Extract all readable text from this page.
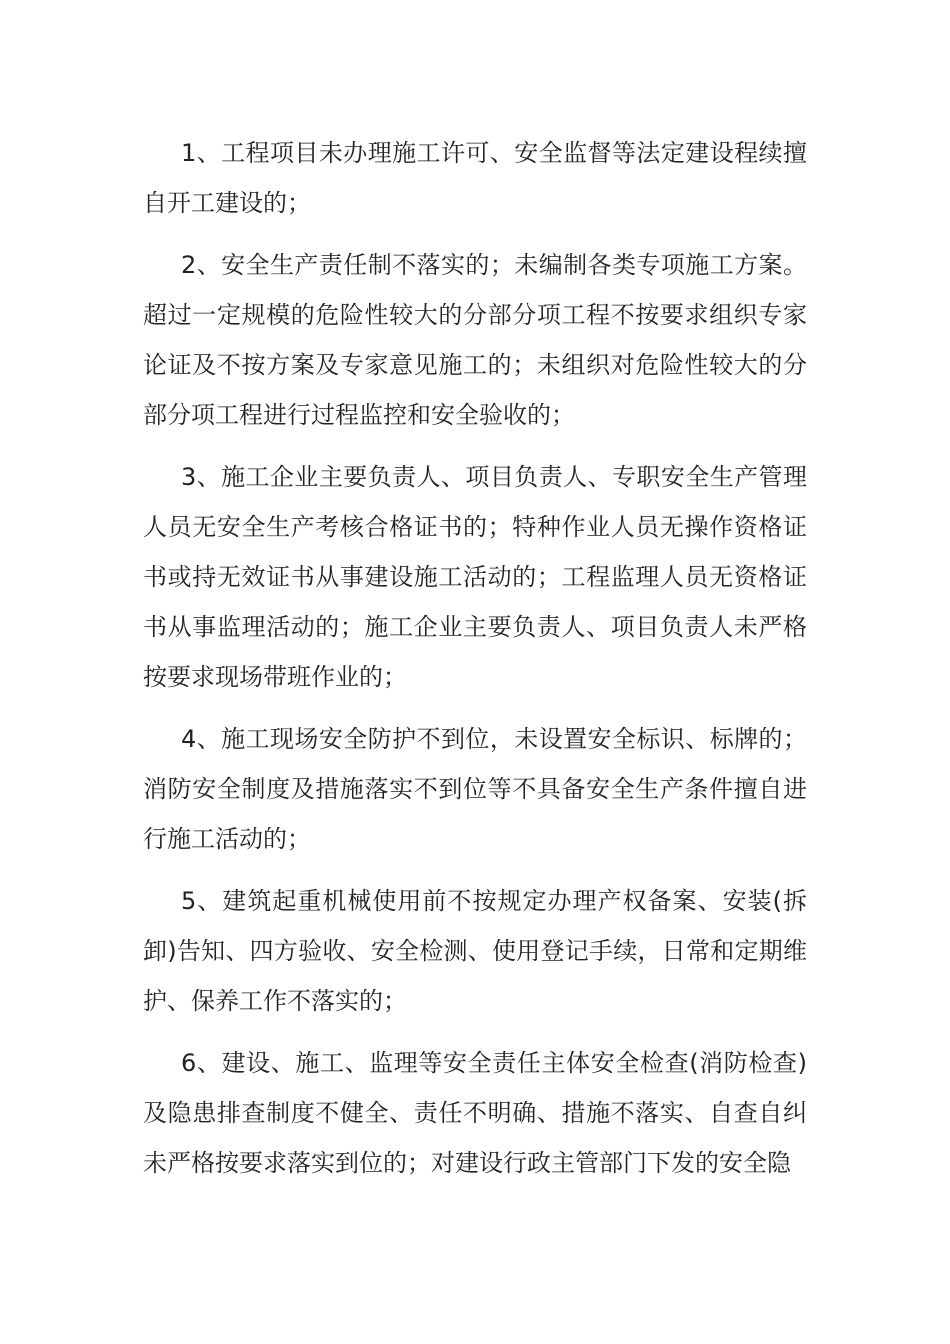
1、工程项目未办理施工许可、安全监督等法定建设程续擅自开工建设的；

2、安全生产责任制不落实的；未编制各类专项施工方案。超过一定规模的危险性较大的分部分项工程不按要求组织专家论证及不按方案及专家意见施工的；未组织对危险性较大的分部分项工程进行过程监控和安全验收的；

3、施工企业主要负责人、项目负责人、专职安全生产管理人员无安全生产考核合格证书的；特种作业人员无操作资格证书或持无效证书从事建设施工活动的；工程监理人员无资格证书从事监理活动的；施工企业主要负责人、项目负责人未严格按要求现场带班作业的；

4、施工现场安全防护不到位，未设置安全标识、标牌的；消防安全制度及措施落实不到位等不具备安全生产条件擅自进行施工活动的；

5、建筑起重机械使用前不按规定办理产权备案、安装(拆卸)告知、四方验收、安全检测、使用登记手续，日常和定期维护、保养工作不落实的；

6、建设、施工、监理等安全责任主体安全检查(消防检查)及隐患排查制度不健全、责任不明确、措施不落实、自查自纠未严格按要求落实到位的；对建设行政主管部门下发的安全隐
